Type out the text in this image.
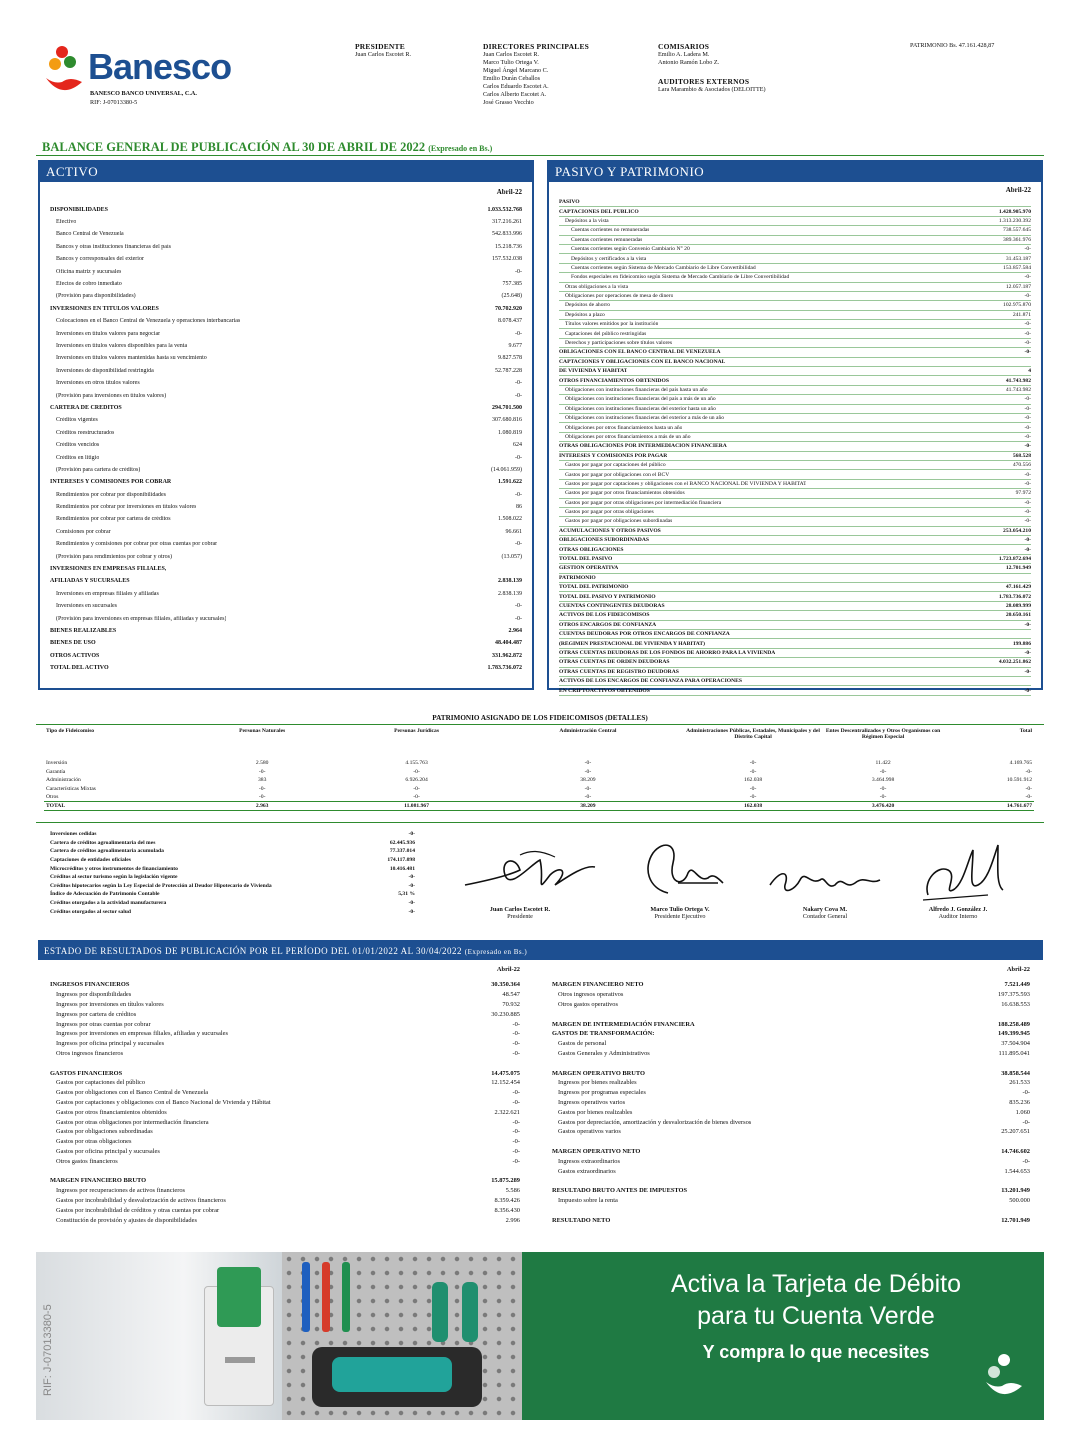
Banesco
BANESCO BANCO UNIVERSAL, C.A.
RIF: J-07013380-5
PRESIDENTE
Juan Carlos Escotet R.
DIRECTORES PRINCIPALES
Juan Carlos Escotet R.
Marco Tulio Ortega V.
Miguel Ángel Marcano C.
Emilio Durán Ceballos
Carlos Eduardo Escotet A.
Carlos Alberto Escotet A.
José Grasso Vecchio
COMISARIOS
Emilio A. Ladera M.
Antonio Ramón Lobo Z.
AUDITORES EXTERNOS
Lara Marambio & Asociados (DELOITTE)
PATRIMONIO Bs. 47.161.428,87
BALANCE GENERAL DE PUBLICACIÓN AL 30 DE ABRIL DE 2022 (Expresado en Bs.)
ACTIVO
Abril-22
DISPONIBILIDADES	1.033.532.768
Efectivo	317.216.261
Banco Central de Venezuela	542.833.996
Bancos y otras instituciones financieras del país	15.218.736
Bancos y corresponsales del exterior	157.532.038
Oficina matriz y sucursales	-0-
Efectos de cobro inmediato	757.385
(Provisión para disponibilidades)	(25.648)
INVERSIONES EN TÍTULOS VALORES	70.702.920
Colocaciones en el Banco Central de Venezuela y operaciones interbancarias	8.078.437
Inversiones en títulos valores para negociar	-0-
Inversiones en títulos valores disponibles para la venta	9.677
Inversiones en títulos valores mantenidas hasta su vencimiento	9.827.578
Inversiones de disponibilidad restringida	52.787.228
Inversiones en otros títulos valores	-0-
(Provisión para inversiones en títulos valores)	-0-
CARTERA DE CRÉDITOS	294.701.500
Créditos vigentes	307.680.816
Créditos reestructurados	1.080.819
Créditos vencidos	624
Créditos en litigio	-0-
(Provisión para cartera de créditos)	(14.061.959)
INTERESES Y COMISIONES POR COBRAR	1.591.622
Rendimientos por cobrar por disponibilidades	-0-
Rendimientos por cobrar por inversiones en títulos valores	86
Rendimientos por cobrar por cartera de créditos	1.508.022
Comisiones por cobrar	96.661
Rendimientos y comisiones por cobrar por otras cuentas por cobrar	-0-
(Provisión para rendimientos por cobrar y otros)	(13.057)
INVERSIONES EN EMPRESAS FILIALES,
AFILIADAS Y SUCURSALES	2.838.139
Inversiones en empresas filiales y afiliadas	2.838.139
Inversiones en sucursales	-0-
(Provisión para inversiones en empresas filiales, afiliadas y sucursales)	-0-
BIENES REALIZABLES	2.964
BIENES DE USO	48.404.487
OTROS ACTIVOS	331.962.872
TOTAL DEL ACTIVO	1.783.736.072
PASIVO Y PATRIMONIO
Abril-22
PASIVO
CAPTACIONES DEL PÚBLICO	1.428.905.970
Depósitos a la vista	1.313.230.392
Cuentas corrientes no remuneradas	738.557.645
Cuentas corrientes remuneradas	389.361.976
Cuentas corrientes según Convenio Cambiario N° 20	-0-
Depósitos y certificados a la vista	31.453.187
Cuentas corrientes según Sistema de Mercado Cambiario de Libre Convertibilidad	153.857.584
Fondos especiales en fideicomiso según Sistema de Mercado Cambiario de Libre Convertibilidad	-0-
Otras obligaciones a la vista	12.057.187
Obligaciones por operaciones de mesa de dinero	-0-
Depósitos de ahorro	102.975.870
Depósitos a plazo	241.871
Títulos valores emitidos por la institución	-0-
Captaciones del público restringidas	-0-
Derechos y participaciones sobre títulos valores	-0-
OBLIGACIONES CON EL BANCO CENTRAL DE VENEZUELA	-0-
CAPTACIONES Y OBLIGACIONES CON EL BANCO NACIONAL
DE VIVIENDA Y HÁBITAT	4
OTROS FINANCIAMIENTOS OBTENIDOS	41.743.982
Obligaciones con instituciones financieras del país hasta un año	41.743.982
Obligaciones con instituciones financieras del país a más de un año	-0-
Obligaciones con instituciones financieras del exterior hasta un año	-0-
Obligaciones con instituciones financieras del exterior a más de un año	-0-
Obligaciones por otros financiamientos hasta un año	-0-
Obligaciones por otros financiamientos a más de un año	-0-
OTRAS OBLIGACIONES POR INTERMEDIACIÓN FINANCIERA	-0-
INTERESES Y COMISIONES POR PAGAR	568.528
Gastos por pagar por captaciones del público	470.556
Gastos por pagar por obligaciones con el BCV	-0-
Gastos por pagar por captaciones y obligaciones con el BANCO NACIONAL DE VIVIENDA Y HÁBITAT	-0-
Gastos por pagar por otros financiamientos obtenidos	97.972
Gastos por pagar por otras obligaciones por intermediación financiera	-0-
Gastos por pagar por otras obligaciones	-0-
Gastos por pagar por obligaciones subordinadas	-0-
ACUMULACIONES Y OTROS PASIVOS	253.054.210
OBLIGACIONES SUBORDINADAS	-0-
OTRAS OBLIGACIONES	-0-
TOTAL DEL PASIVO	1.723.872.694
GESTIÓN OPERATIVA	12.701.949
PATRIMONIO
TOTAL DEL PATRIMONIO	47.161.429
TOTAL DEL PASIVO Y PATRIMONIO	1.783.736.072
CUENTAS CONTINGENTES DEUDORAS	28.089.999
ACTIVOS DE LOS FIDEICOMISOS	20.650.161
OTROS ENCARGOS DE CONFIANZA	-0-
CUENTAS DEUDORAS POR OTROS ENCARGOS DE CONFIANZA
(RÉGIMEN PRESTACIONAL DE VIVIENDA Y HÁBITAT)	199.886
OTRAS CUENTAS DEUDORAS DE LOS FONDOS DE AHORRO PARA LA VIVIENDA	-0-
OTRAS CUENTAS DE ORDEN DEUDORAS	4.032.251.862
OTRAS CUENTAS DE REGISTRO DEUDORAS	-0-
ACTIVOS DE LOS ENCARGOS DE CONFIANZA PARA OPERACIONES
EN CRIPTOACTIVOS OBTENIDOS	-0-
PATRIMONIO ASIGNADO DE LOS FIDEICOMISOS (DETALLES)
Tipo de Fideicomiso	Personas Naturales	Personas Jurídicas	Administración Central	Administraciones Públicas, Estadales, Municipales y del Distrito Capital	Entes Descentralizados y Otros Organismos con Régimen Especial	Total
Inversión	2.580	4.155.763	-0-	-0-	11.422	4.169.765
Garantía	-0-	-0-	-0-	-0-	-0-	-0-
Administración	383	6.926.204	38.209	162.038	3.464.998	10.591.912
Características Mixtas	-0-	-0-	-0-	-0-	-0-	-0-
Otros	-0-	-0-	-0-	-0-	-0-	-0-
TOTAL	2.963	11.081.967	38.209	162.038	3.476.420	14.761.677
Inversiones cedidas	-0-
Cartera de créditos agroalimentaria del mes	62.445.936
Cartera de créditos agroalimentaria acumulada	77.337.014
Captaciones de entidades oficiales	174.117.098
Microcréditos y otros instrumentos de financiamiento	10.416.481
Créditos al sector turismo según la legislación vigente	-0-
Créditos hipotecarios según la Ley Especial de Protección al Deudor Hipotecario de Vivienda	-0-
Índice de Adecuación de Patrimonio Contable	5,31 %
Créditos otorgados a la actividad manufacturera	-0-
Créditos otorgados al sector salud	-0-	Juan Carlos Escotet R.
Presidente
Marco Tulio Ortega V.
Presidente Ejecutivo
Nakary Cova M.
Contador General
Alfredo J. González J.
Auditor Interno
ESTADO DE RESULTADOS DE PUBLICACIÓN POR EL PERÍODO DEL 01/01/2022 AL 30/04/2022 (Expresado en Bs.)
Abril-22
INGRESOS FINANCIEROS	30.350.364
Ingresos por disponibilidades	48.547
Ingresos por inversiones en títulos valores	70.932
Ingresos por cartera de créditos	30.230.885
Ingresos por otras cuentas por cobrar	-0-
Ingresos por inversiones en empresas filiales, afiliadas y sucursales	-0-
Ingresos por oficina principal y sucursales	-0-
Otros ingresos financieros	-0-
GASTOS FINANCIEROS	14.475.075
Gastos por captaciones del público	12.152.454
Gastos por obligaciones con el Banco Central de Venezuela	-0-
Gastos por captaciones y obligaciones con el Banco Nacional de Vivienda y Hábitat	-0-
Gastos por otros financiamientos obtenidos	2.322.621
Gastos por otras obligaciones por intermediación financiera	-0-
Gastos por obligaciones subordinadas	-0-
Gastos por otras obligaciones	-0-
Gastos por oficina principal y sucursales	-0-
Otros gastos financieros	-0-
MARGEN FINANCIERO BRUTO	15.875.289
Ingresos por recuperaciones de activos financieros	5.586
Gastos por incobrabilidad y desvalorización de activos financieros	8.359.426
Gastos por incobrabilidad de créditos y otras cuentas por cobrar	8.356.430
Constitución de provisión y ajustes de disponibilidades	2.996
Abril-22
MARGEN FINANCIERO NETO	7.521.449
Otros ingresos operativos	197.375.593
Otros gastos operativos	16.638.553
MARGEN DE INTERMEDIACIÓN FINANCIERA	188.258.489
GASTOS DE TRANSFORMACIÓN:	149.399.945
Gastos de personal	37.504.904
Gastos Generales y Administrativos	111.895.041
MARGEN OPERATIVO BRUTO	38.858.544
Ingresos por bienes realizables	261.533
Ingresos por programas especiales	-0-
Ingresos operativos varios	835.236
Gastos por bienes realizables	1.060
Gastos por depreciación, amortización y desvalorización de bienes diversos	-0-
Gastos operativos varios	25.207.651
MARGEN OPERATIVO NETO	14.746.602
Ingresos extraordinarios	-0-
Gastos extraordinarios	1.544.653
RESULTADO BRUTO ANTES DE IMPUESTOS	13.201.949
Impuesto sobre la renta	500.000
RESULTADO NETO	12.701.949
RIF: J-07013380-5
Activa la Tarjeta de Débito
para tu Cuenta Verde
Y compra lo que necesites
